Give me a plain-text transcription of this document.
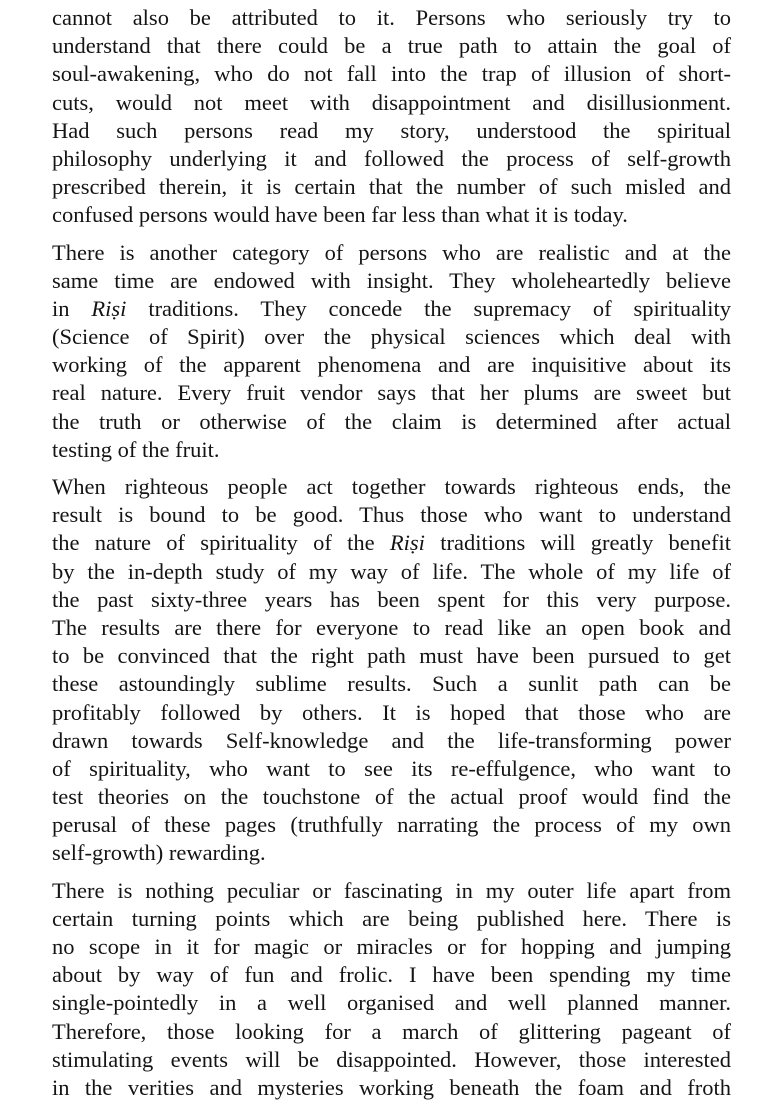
cannot also be attributed to it. Persons who seriously try to
understand that there could be a true path to attain the goal of
soul-awakening, who do not fall into the trap of illusion of short-
cuts, would not meet with disappointment and disillusionment.
Had such persons read my story, understood the spiritual
philosophy underlying it and followed the process of self-growth
prescribed therein, it is certain that the number of such misled and
confused persons would have been far less than what it is today.
There is another category of persons who are realistic and at the
same time are endowed with insight. They wholeheartedly believe
in Riṣi traditions. They concede the supremacy of spirituality
(Science of Spirit) over the physical sciences which deal with
working of the apparent phenomena and are inquisitive about its
real nature. Every fruit vendor says that her plums are sweet but
the truth or otherwise of the claim is determined after actual
testing of the fruit.
When righteous people act together towards righteous ends, the
result is bound to be good. Thus those who want to understand
the nature of spirituality of the Riṣi traditions will greatly benefit
by the in-depth study of my way of life. The whole of my life of
the past sixty-three years has been spent for this very purpose.
The results are there for everyone to read like an open book and
to be convinced that the right path must have been pursued to get
these astoundingly sublime results. Such a sunlit path can be
profitably followed by others. It is hoped that those who are
drawn towards Self-knowledge and the life-transforming power
of spirituality, who want to see its re-effulgence, who want to
test theories on the touchstone of the actual proof would find the
perusal of these pages (truthfully narrating the process of my own
self-growth) rewarding.
There is nothing peculiar or fascinating in my outer life apart from
certain turning points which are being published here. There is
no scope in it for magic or miracles or for hopping and jumping
about by way of fun and frolic. I have been spending my time
single-pointedly in a well organised and well planned manner.
Therefore, those looking for a march of glittering pageant of
stimulating events will be disappointed. However, those interested
in the verities and mysteries working beneath the foam and froth
